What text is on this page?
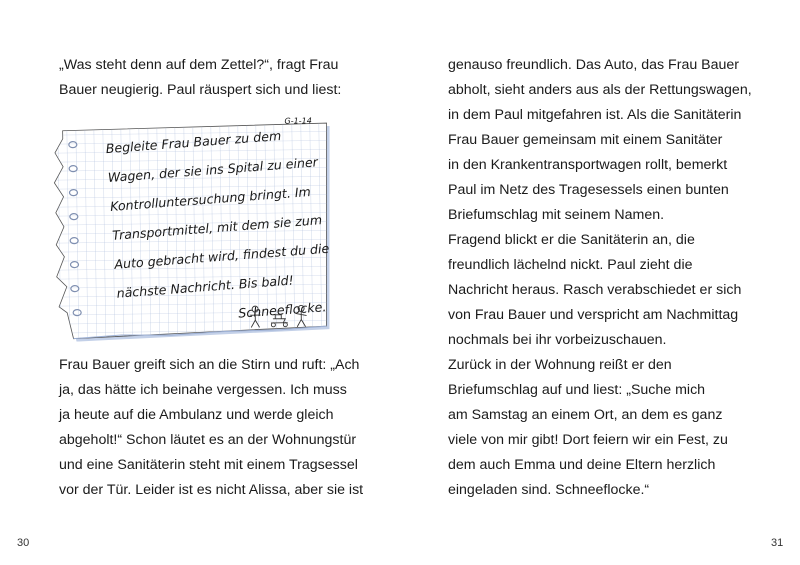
„Was steht denn auf dem Zettel?“, fragt Frau
Bauer neugierig. Paul räuspert sich und liest:
G-1-14
Begleite Frau Bauer zu dem
Wagen, der sie ins Spital zu einer
Kontrolluntersuchung bringt. Im
Transportmittel, mit dem sie zum
Auto gebracht wird, findest du die
nächste Nachricht. Bis bald!
Schneeflocke.
Frau Bauer greift sich an die Stirn und ruft: „Ach
ja, das hätte ich beinahe vergessen. Ich muss
ja heute auf die Ambulanz und werde gleich
abgeholt!“ Schon läutet es an der Wohnungstür
und eine Sanitäterin steht mit einem Tragsessel
vor der Tür. Leider ist es nicht Alissa, aber sie ist
30
genauso freundlich. Das Auto, das Frau Bauer
abholt, sieht anders aus als der Rettungswagen,
in dem Paul mitgefahren ist. Als die Sanitäterin
Frau Bauer gemeinsam mit einem Sanitäter
in den Krankentransportwagen rollt, bemerkt
Paul im Netz des Tragesessels einen bunten
Briefumschlag mit seinem Namen.
Fragend blickt er die Sanitäterin an, die
freundlich lächelnd nickt. Paul zieht die
Nachricht heraus. Rasch verabschiedet er sich
von Frau Bauer und verspricht am Nachmittag
nochmals bei ihr vorbeizuschauen.
Zurück in der Wohnung reißt er den
Briefumschlag auf und liest: „Suche mich
am Samstag an einem Ort, an dem es ganz
viele von mir gibt! Dort feiern wir ein Fest, zu
dem auch Emma und deine Eltern herzlich
eingeladen sind. Schneeflocke.“
31
